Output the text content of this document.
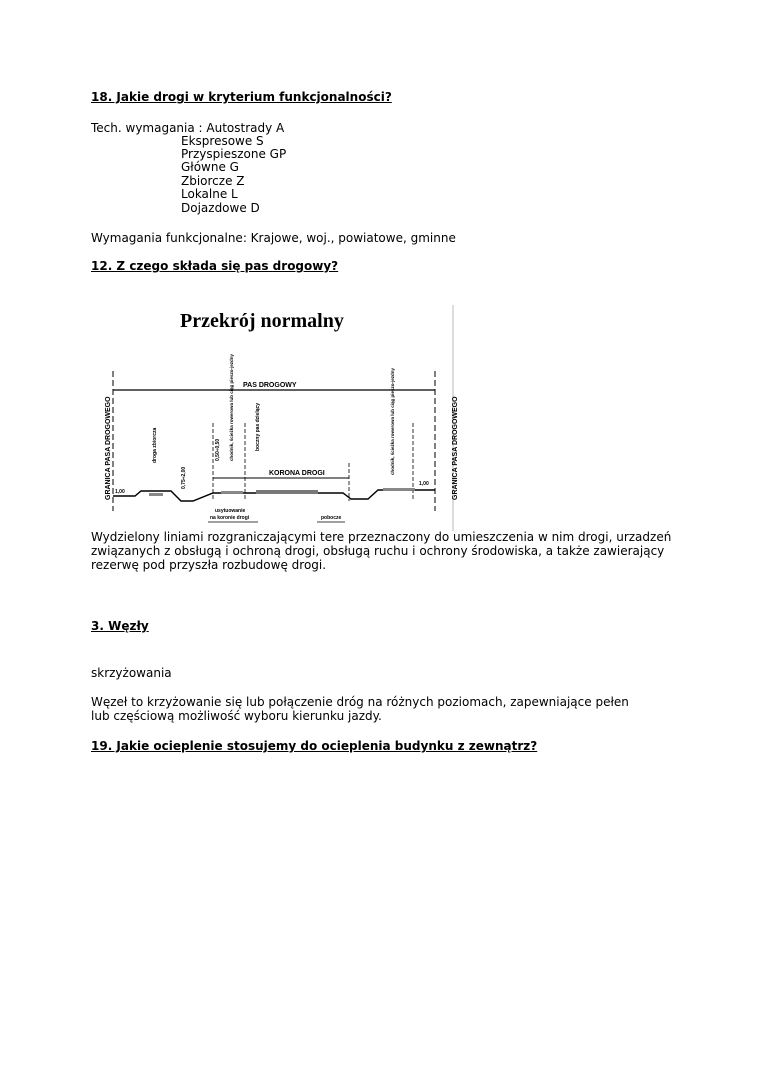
18. Jakie drogi w kryterium funkcjonalności?
Tech. wymagania : Autostrady A
Ekspresowe S
Przyspieszone GP
Główne G
Zbiorcze Z
Lokalne L
Dojazdowe D
Wymagania funkcjonalne: Krajowe, woj., powiatowe, gminne
12. Z czego składa się pas drogowy?
Przekrój normalny
PAS DROGOWY
GRANICA PASA DROGOWEGO	GRANICA PASA DROGOWEGO
droga zbiorcza
0,75÷2,00
0,50÷0,50 chodnik, ścieżka rowerowa lub ciąg pieszo-jezdny	boczny pas dzielący	chodnik, ścieżka rowerowa lub ciąg pieszo-jezdny
KORONA DROGI
1,00
1,00
usytuowanie
na koronie drogi	pobocze
Wydzielony liniami rozgraniczającymi tere przeznaczony do umieszczenia w nim drogi, urzadzeń związanych z obsługą i ochroną drogi, obsługą ruchu i ochrony środowiska, a także zawierający rezerwę pod przyszła rozbudowę drogi.
3. Węzły
skrzyżowania
Węzeł to krzyżowanie się lub połączenie dróg na różnych poziomach, zapewniające pełen lub częściową możliwość wyboru kierunku jazdy.
19. Jakie ocieplenie stosujemy do ocieplenia budynku z zewnątrz?
